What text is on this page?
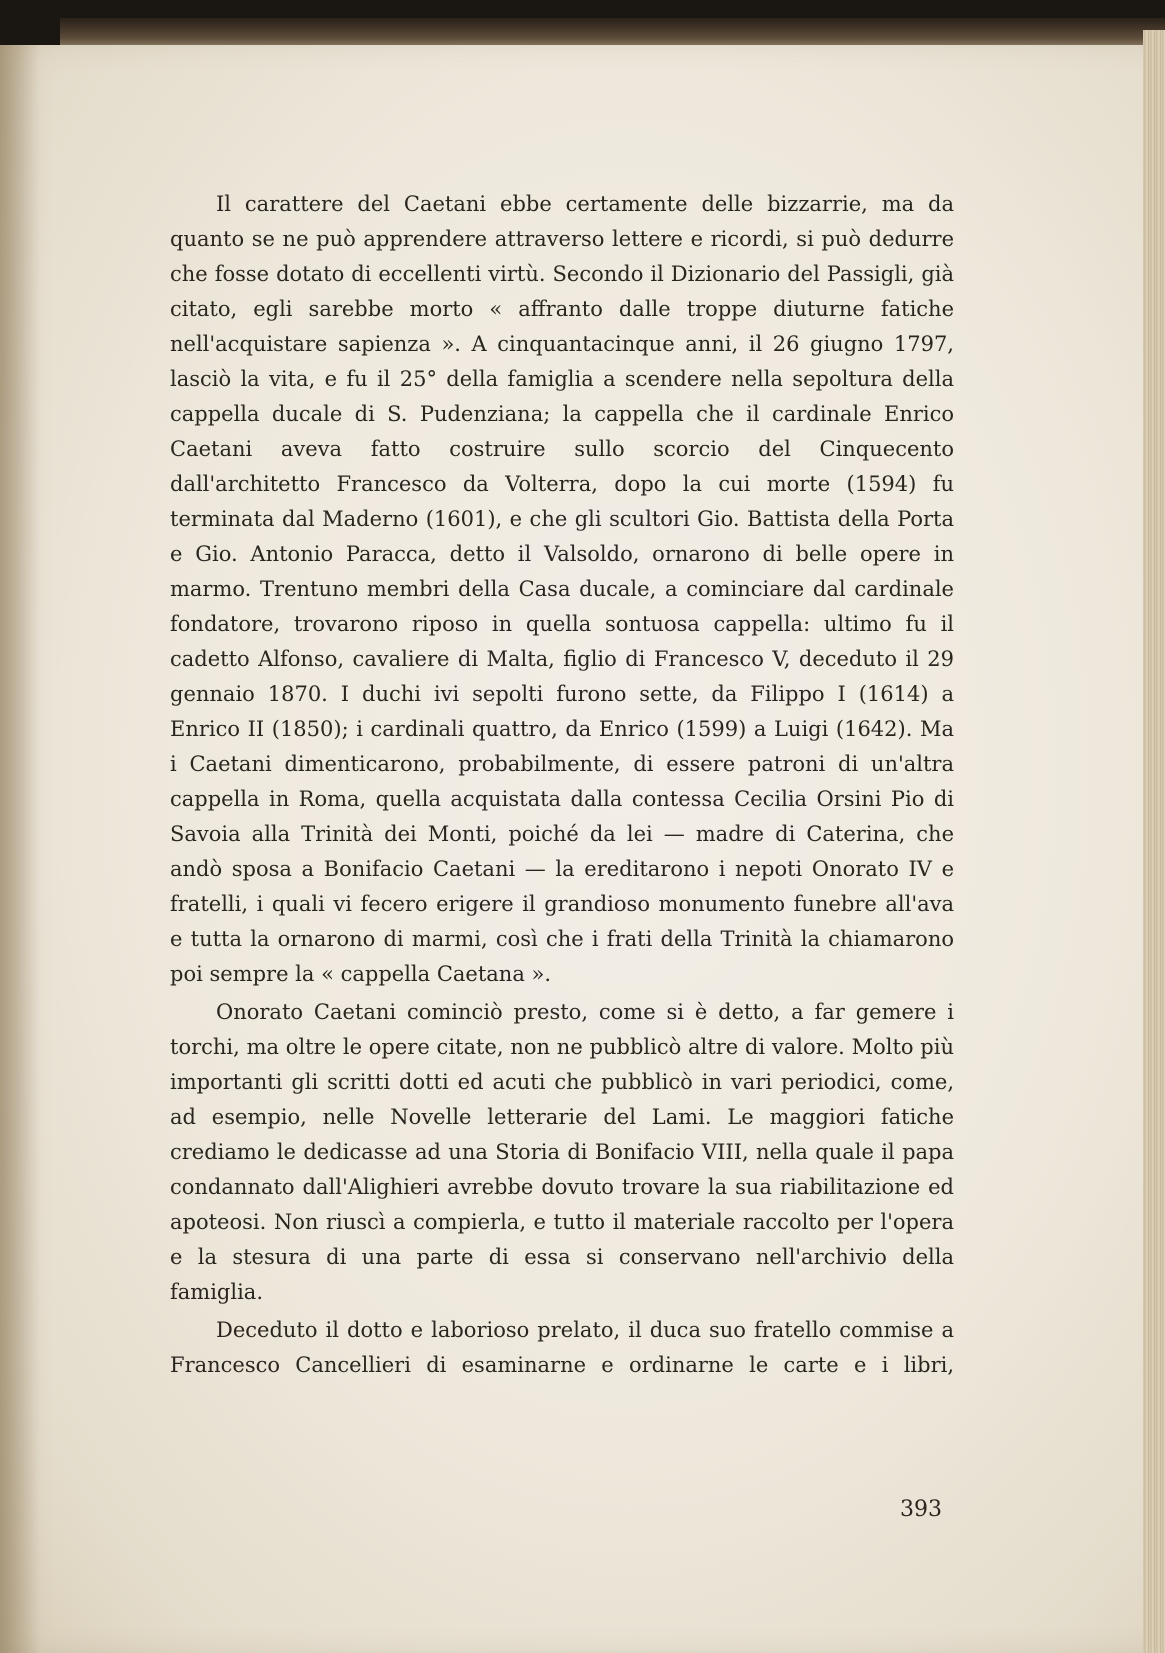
Il carattere del Caetani ebbe certamente delle bizzarrie, ma da quanto se ne può apprendere attraverso lettere e ricordi, si può dedurre che fosse dotato di eccellenti virtù. Secondo il Dizionario del Passigli, già citato, egli sarebbe morto « affranto dalle troppe diuturne fatiche nell'acquistare sapienza ». A cinquantacinque anni, il 26 giugno 1797, lasciò la vita, e fu il 25° della famiglia a scendere nella sepoltura della cappella ducale di S. Pudenziana; la cappella che il cardinale Enrico Caetani aveva fatto costruire sullo scorcio del Cinquecento dall'architetto Francesco da Volterra, dopo la cui morte (1594) fu terminata dal Maderno (1601), e che gli scultori Gio. Battista della Porta e Gio. Antonio Paracca, detto il Valsoldo, ornarono di belle opere in marmo. Trentuno membri della Casa ducale, a cominciare dal cardinale fondatore, trovarono riposo in quella sontuosa cappella: ultimo fu il cadetto Alfonso, cavaliere di Malta, figlio di Francesco V, deceduto il 29 gennaio 1870. I duchi ivi sepolti furono sette, da Filippo I (1614) a Enrico II (1850); i cardinali quattro, da Enrico (1599) a Luigi (1642). Ma i Caetani dimenticarono, probabilmente, di essere patroni di un'altra cappella in Roma, quella acquistata dalla contessa Cecilia Orsini Pio di Savoia alla Trinità dei Monti, poiché da lei — madre di Caterina, che andò sposa a Bonifacio Caetani — la ereditarono i nepoti Onorato IV e fratelli, i quali vi fecero erigere il grandioso monumento funebre all'ava e tutta la ornarono di marmi, così che i frati della Trinità la chiamarono poi sempre la « cappella Caetana ».

Onorato Caetani cominciò presto, come si è detto, a far gemere i torchi, ma oltre le opere citate, non ne pubblicò altre di valore. Molto più importanti gli scritti dotti ed acuti che pubblicò in vari periodici, come, ad esempio, nelle Novelle letterarie del Lami. Le maggiori fatiche crediamo le dedicasse ad una Storia di Bonifacio VIII, nella quale il papa condannato dall'Alighieri avrebbe dovuto trovare la sua riabilitazione ed apoteosi. Non riuscì a compierla, e tutto il materiale raccolto per l'opera e la stesura di una parte di essa si conservano nell'archivio della famiglia.

Deceduto il dotto e laborioso prelato, il duca suo fratello commise a Francesco Cancellieri di esaminarne e ordinarne le carte e i libri,

393
